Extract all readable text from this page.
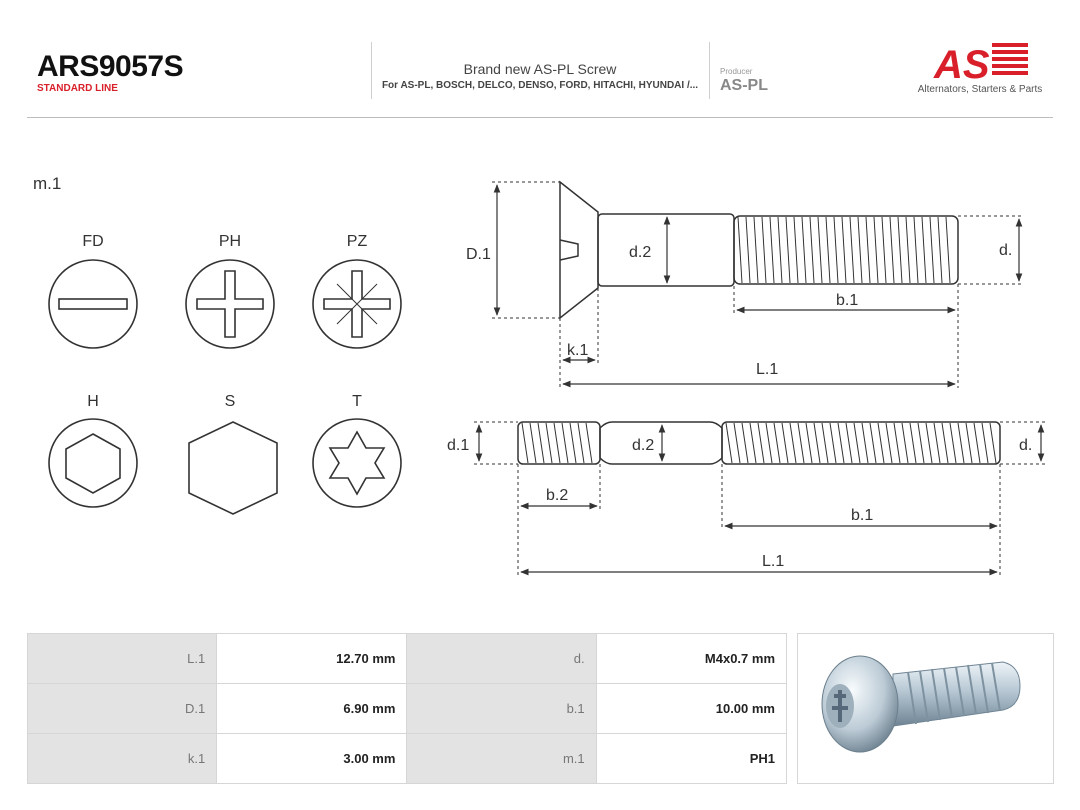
ARS9057S
STANDARD LINE
Brand new AS-PL Screw
For AS-PL, BOSCH, DELCO, DENSO, FORD, HITACHI, HYUNDAI /...
Producer
AS-PL	AS
Alternators, Starters & Parts
m.1
FD	PH	PZ
H	S	T
D.1	d.2	d.
b.1
k.1
L.1
d.1	d.2	d.
b.2
b.1
L.1
L.1	12.70 mm	d.	M4x0.7 mm
D.1	6.90 mm	b.1	10.00 mm
k.1	3.00 mm	m.1	PH1
